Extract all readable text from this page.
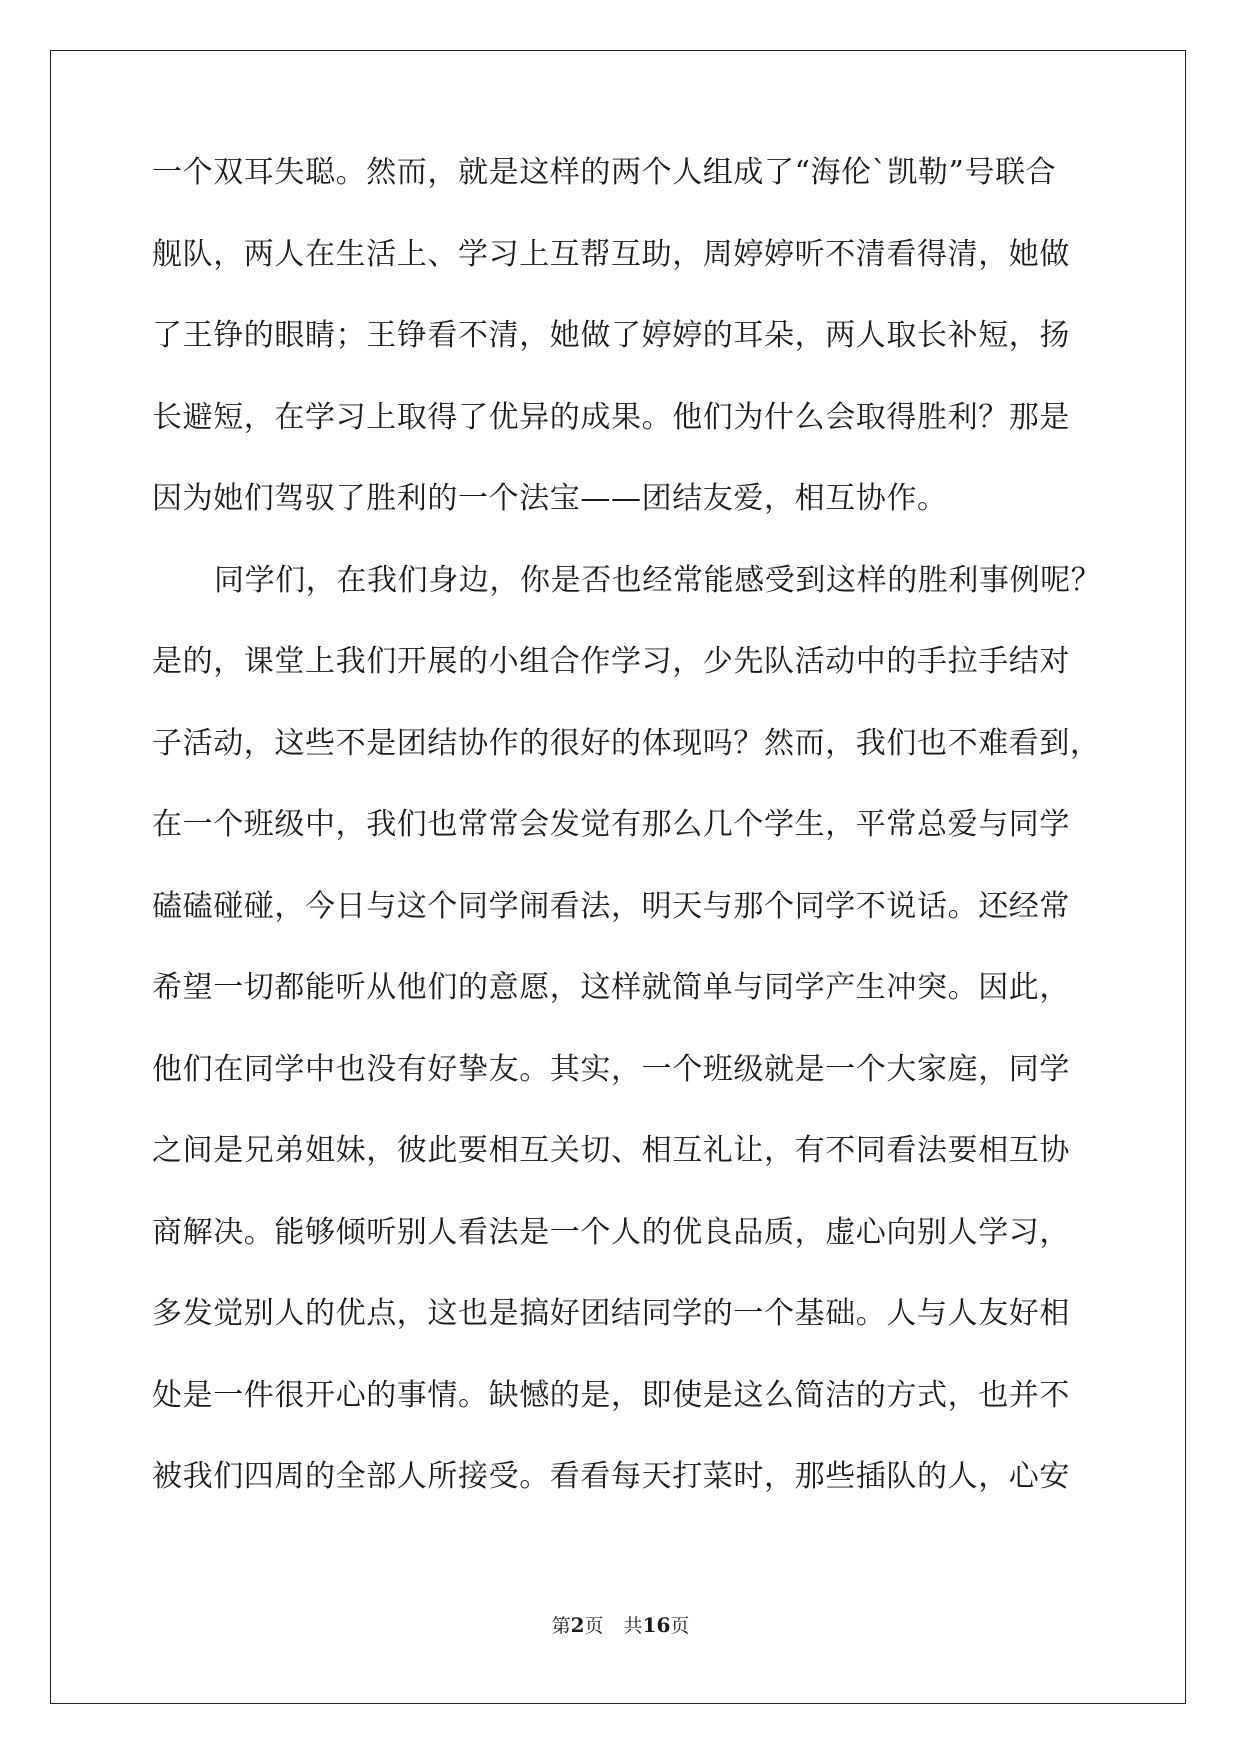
一个双耳失聪。然而，就是这样的两个人组成了“海伦`凯勒”号联合
舰队，两人在生活上、学习上互帮互助，周婷婷听不清看得清，她做
了王铮的眼睛；王铮看不清，她做了婷婷的耳朵，两人取长补短，扬
长避短，在学习上取得了优异的成果。他们为什么会取得胜利？那是
因为她们驾驭了胜利的一个法宝——团结友爱，相互协作。
同学们，在我们身边，你是否也经常能感受到这样的胜利事例呢？
是的，课堂上我们开展的小组合作学习，少先队活动中的手拉手结对
子活动，这些不是团结协作的很好的体现吗？然而，我们也不难看到，
在一个班级中，我们也常常会发觉有那么几个学生，平常总爱与同学
磕磕碰碰，今日与这个同学闹看法，明天与那个同学不说话。还经常
希望一切都能听从他们的意愿，这样就简单与同学产生冲突。因此，
他们在同学中也没有好挚友。其实，一个班级就是一个大家庭，同学
之间是兄弟姐妹，彼此要相互关切、相互礼让，有不同看法要相互协
商解决。能够倾听别人看法是一个人的优良品质，虚心向别人学习，
多发觉别人的优点，这也是搞好团结同学的一个基础。人与人友好相
处是一件很开心的事情。缺憾的是，即使是这么简洁的方式，也并不
被我们四周的全部人所接受。看看每天打菜时，那些插队的人，心安
第2页 共16页
